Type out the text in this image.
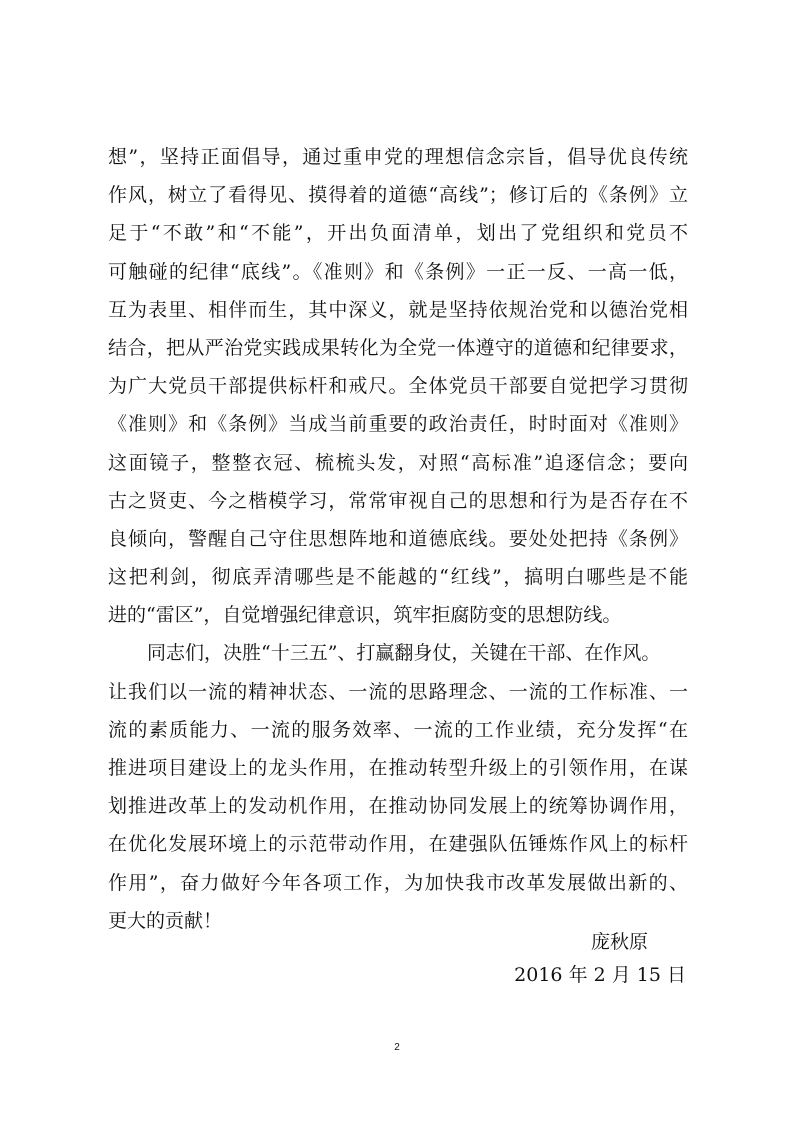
想”，坚持正面倡导，通过重申党的理想信念宗旨，倡导优良传统
作风，树立了看得见、摸得着的道德“高线”；修订后的《条例》立
足于“不敢”和“不能”，开出负面清单，划出了党组织和党员不
可触碰的纪律“底线”。《准则》和《条例》一正一反、一高一低，
互为表里、相伴而生，其中深义，就是坚持依规治党和以德治党相
结合，把从严治党实践成果转化为全党一体遵守的道德和纪律要求，
为广大党员干部提供标杆和戒尺。全体党员干部要自觉把学习贯彻
《准则》和《条例》当成当前重要的政治责任，时时面对《准则》
这面镜子，整整衣冠、梳梳头发，对照“高标准”追逐信念；要向
古之贤吏、今之楷模学习，常常审视自己的思想和行为是否存在不
良倾向，警醒自己守住思想阵地和道德底线。要处处把持《条例》
这把利剑，彻底弄清哪些是不能越的“红线”，搞明白哪些是不能
进的“雷区”，自觉增强纪律意识，筑牢拒腐防变的思想防线。
同志们，决胜“十三五”、打赢翻身仗，关键在干部、在作风。
让我们以一流的精神状态、一流的思路理念、一流的工作标准、一
流的素质能力、一流的服务效率、一流的工作业绩，充分发挥“在
推进项目建设上的龙头作用，在推动转型升级上的引领作用，在谋
划推进改革上的发动机作用，在推动协同发展上的统筹协调作用，
在优化发展环境上的示范带动作用，在建强队伍锤炼作风上的标杆
作用”，奋力做好今年各项工作，为加快我市改革发展做出新的、
更大的贡献！
庞秋原
2016 年 2 月 15 日
2
